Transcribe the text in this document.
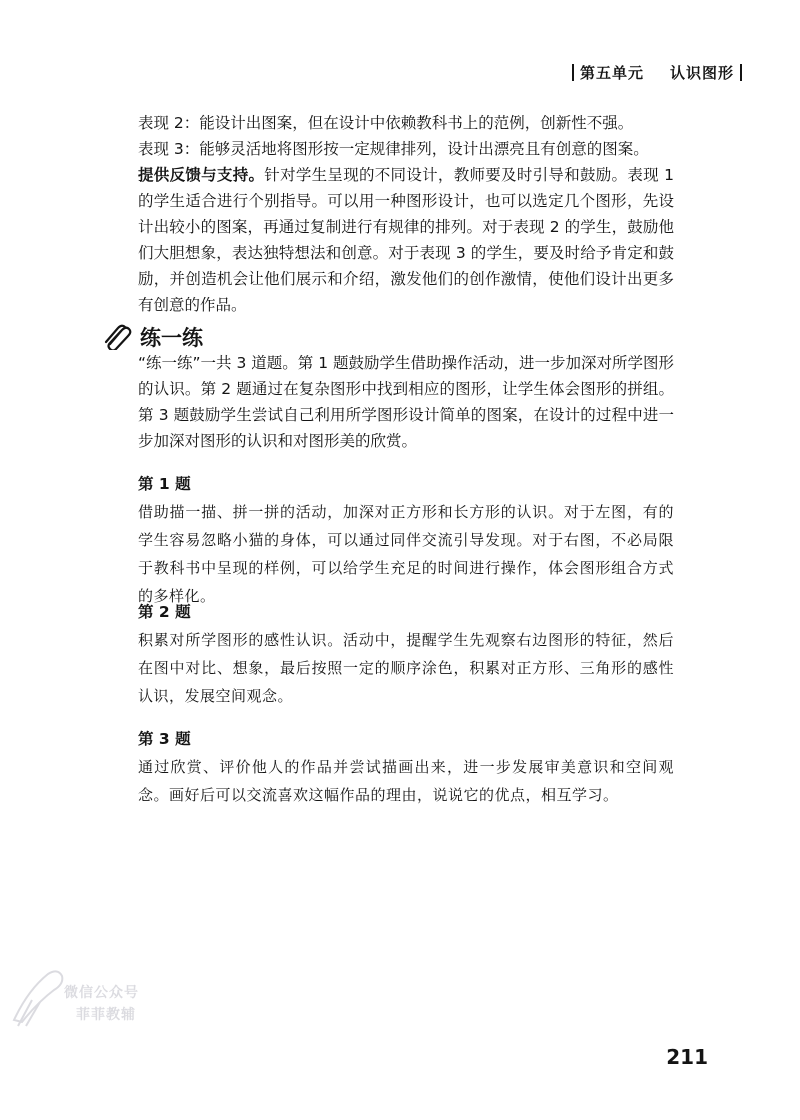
第五单元 认识图形

表现 2：能设计出图案，但在设计中依赖教科书上的范例，创新性不强。

表现 3：能够灵活地将图形按一定规律排列，设计出漂亮且有创意的图案。

提供反馈与支持。针对学生呈现的不同设计，教师要及时引导和鼓励。表现 1 的学生适合进行个别指导。可以用一种图形设计，也可以选定几个图形，先设计出较小的图案，再通过复制进行有规律的排列。对于表现 2 的学生，鼓励他们大胆想象，表达独特想法和创意。对于表现 3 的学生，要及时给予肯定和鼓励，并创造机会让他们展示和介绍，激发他们的创作激情，使他们设计出更多有创意的作品。

练一练

“练一练”一共 3 道题。第 1 题鼓励学生借助操作活动，进一步加深对所学图形的认识。第 2 题通过在复杂图形中找到相应的图形，让学生体会图形的拼组。第 3 题鼓励学生尝试自己利用所学图形设计简单的图案，在设计的过程中进一步加深对图形的认识和对图形美的欣赏。

第 1 题

借助描一描、拼一拼的活动，加深对正方形和长方形的认识。对于左图，有的学生容易忽略小猫的身体，可以通过同伴交流引导发现。对于右图，不必局限于教科书中呈现的样例，可以给学生充足的时间进行操作，体会图形组合方式的多样化。

第 2 题

积累对所学图形的感性认识。活动中，提醒学生先观察右边图形的特征，然后在图中对比、想象，最后按照一定的顺序涂色，积累对正方形、三角形的感性认识，发展空间观念。

第 3 题

通过欣赏、评价他人的作品并尝试描画出来，进一步发展审美意识和空间观念。画好后可以交流喜欢这幅作品的理由，说说它的优点，相互学习。

微信公众号
菲菲教辅
211
